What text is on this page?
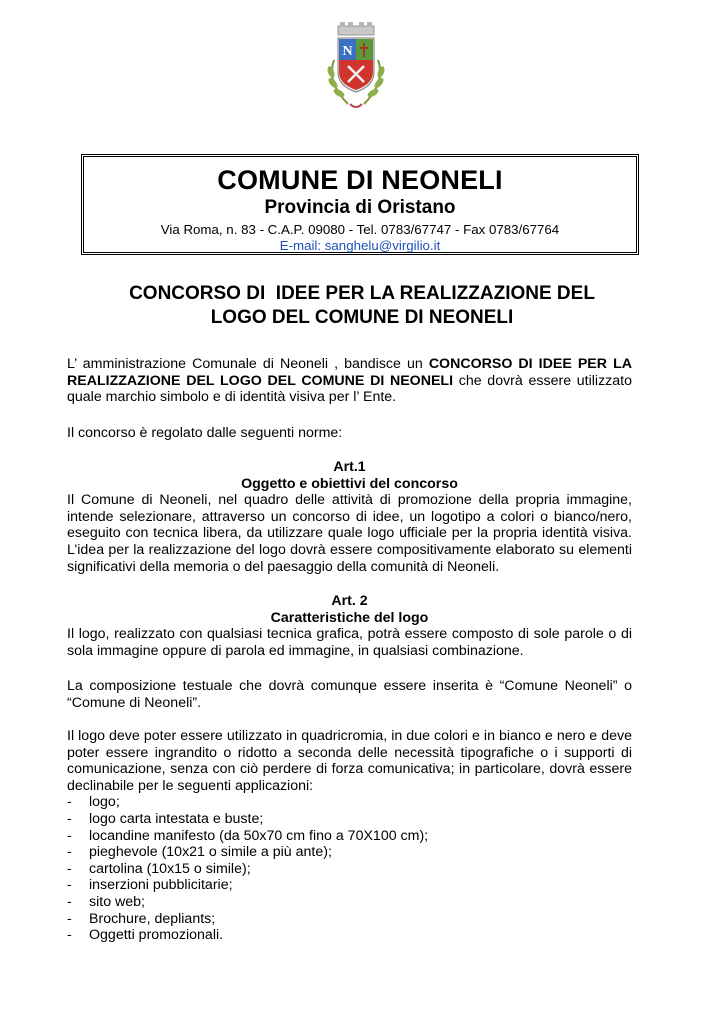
N
COMUNE DI NEONELI
Provincia di Oristano
Via Roma, n. 83 - C.A.P. 09080 - Tel. 0783/67747 - Fax 0783/67764
E-mail: sanghelu@virgilio.it
CONCORSO DI  IDEE PER LA REALIZZAZIONE DEL
LOGO DEL COMUNE DI NEONELI
L’ amministrazione Comunale di Neoneli , bandisce un CONCORSO DI IDEE PER LA REALIZZAZIONE DEL LOGO DEL COMUNE DI NEONELI che dovrà essere utilizzato quale marchio simbolo e di identità visiva per l’ Ente.
Il concorso è regolato dalle seguenti norme:
Art.1
Oggetto e obiettivi del concorso
Il Comune di Neoneli, nel quadro delle attività di promozione della propria immagine, intende selezionare, attraverso un concorso di idee, un logotipo a colori o bianco/nero, eseguito con tecnica libera, da utilizzare quale logo ufficiale per la propria identità visiva. L’idea per la realizzazione del logo dovrà essere compositivamente elaborato su elementi significativi della memoria o del paesaggio della comunità di Neoneli.
Art. 2
Caratteristiche del logo
Il logo, realizzato con qualsiasi tecnica grafica, potrà essere composto di sole parole o di sola immagine oppure di parola ed immagine, in qualsiasi combinazione.
La composizione testuale che dovrà comunque essere inserita è “Comune Neoneli” o “Comune di Neoneli”.
Il logo deve poter essere utilizzato in quadricromia, in due colori e in bianco e nero e deve poter essere ingrandito o ridotto a seconda delle necessità tipografiche o i supporti di comunicazione, senza con ciò perdere di forza comunicativa; in particolare, dovrà essere declinabile per le seguenti applicazioni:
- logo;
- logo carta intestata e buste;
- locandine manifesto (da 50x70 cm fino a 70X100 cm);
- pieghevole (10x21 o simile a più ante);
- cartolina (10x15 o simile);
- inserzioni pubblicitarie;
- sito web;
- Brochure, depliants;
- Oggetti promozionali.
